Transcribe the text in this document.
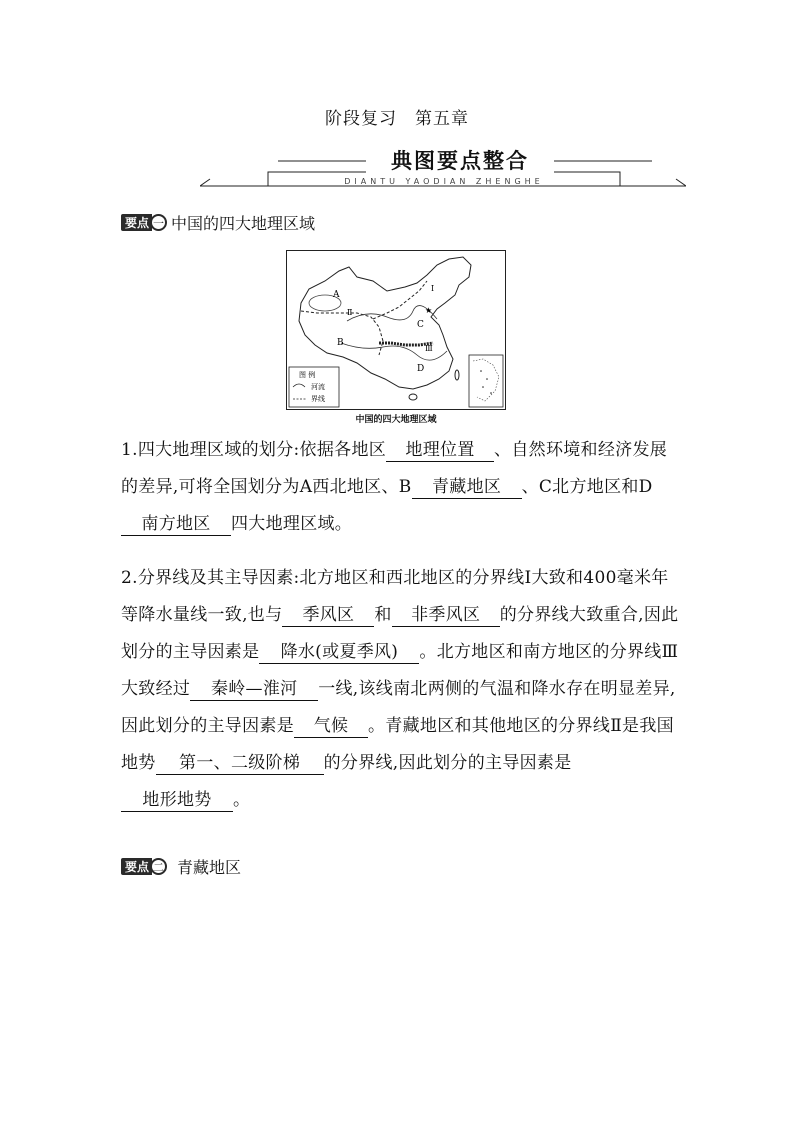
阶段复习　第五章
典图要点整合
DIANTU YAODIAN ZHENGHE
要点 一 中国的四大地理区域
★
A
B
C
D
Ⅰ
Ⅱ
Ⅲ
图 例
河流
界线
中国的四大地理区域
1.四大地理区域的划分:依据各地区 地理位置 、自然环境和经济发展的差异,可将全国划分为A西北地区、B 青藏地区 、C北方地区和D南方地区 四大地理区域。
2.分界线及其主导因素:北方地区和西北地区的分界线Ⅰ大致和400毫米年等降水量线一致,也与 季风区 和 非季风区 的分界线大致重合,因此划分的主导因素是 降水(或夏季风) 。北方地区和南方地区的分界线Ⅲ大致经过 秦岭—淮河 一线,该线南北两侧的气温和降水存在明显差异,因此划分的主导因素是 气候 。青藏地区和其他地区的分界线Ⅱ是我国地势 第一、二级阶梯 的分界线,因此划分的主导因素是地形地势 。
要点 二 青藏地区
